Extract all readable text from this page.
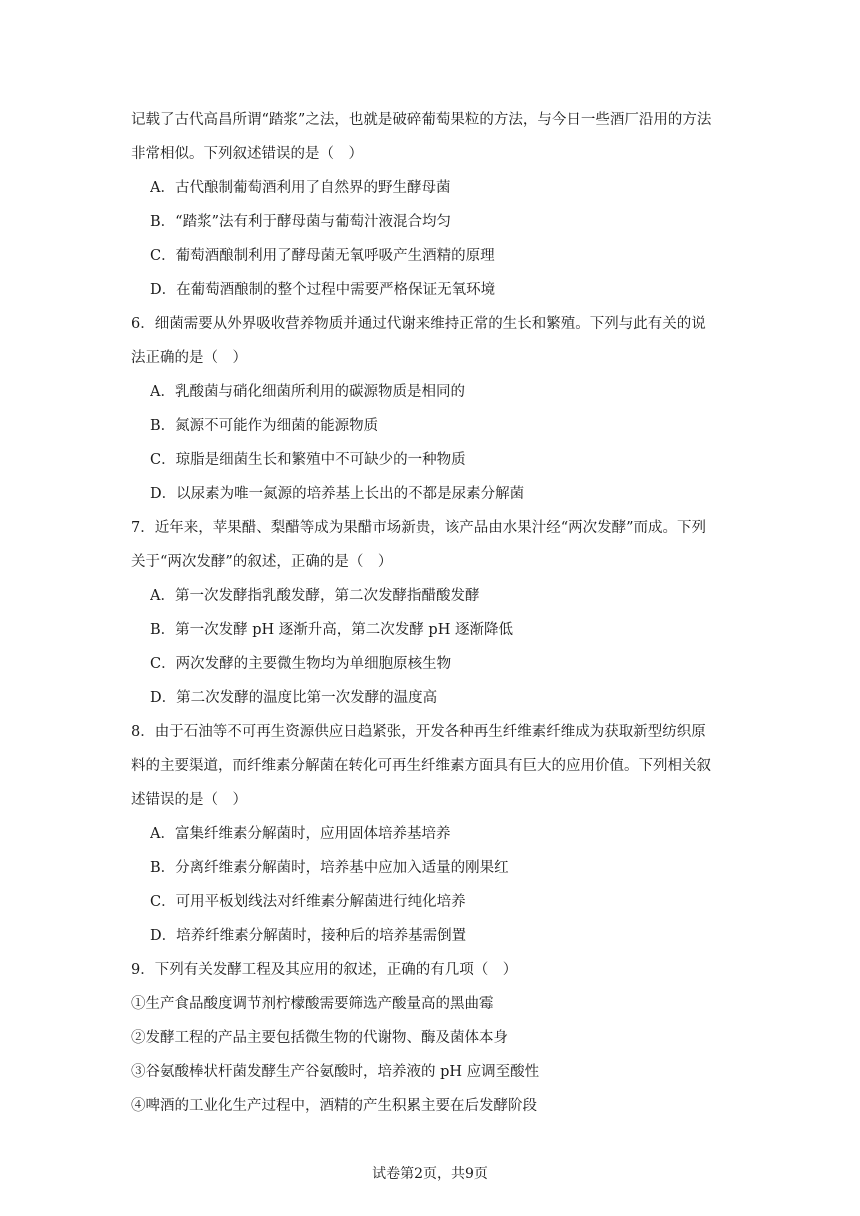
记载了古代高昌所谓“踏浆”之法，也就是破碎葡萄果粒的方法，与今日一些酒厂沿用的方法
非常相似。下列叙述错误的是（　）
A．古代酿制葡萄酒利用了自然界的野生酵母菌
B．“踏浆”法有利于酵母菌与葡萄汁液混合均匀
C．葡萄酒酿制利用了酵母菌无氧呼吸产生酒精的原理
D．在葡萄酒酿制的整个过程中需要严格保证无氧环境
6．细菌需要从外界吸收营养物质并通过代谢来维持正常的生长和繁殖。下列与此有关的说
法正确的是（　）
A．乳酸菌与硝化细菌所利用的碳源物质是相同的
B．氮源不可能作为细菌的能源物质
C．琼脂是细菌生长和繁殖中不可缺少的一种物质
D．以尿素为唯一氮源的培养基上长出的不都是尿素分解菌
7．近年来，苹果醋、梨醋等成为果醋市场新贵，该产品由水果汁经“两次发酵”而成。下列
关于“两次发酵”的叙述，正确的是（　）
A．第一次发酵指乳酸发酵，第二次发酵指醋酸发酵
B．第一次发酵 pH 逐渐升高，第二次发酵 pH 逐渐降低
C．两次发酵的主要微生物均为单细胞原核生物
D．第二次发酵的温度比第一次发酵的温度高
8．由于石油等不可再生资源供应日趋紧张，开发各种再生纤维素纤维成为获取新型纺织原
料的主要渠道，而纤维素分解菌在转化可再生纤维素方面具有巨大的应用价值。下列相关叙
述错误的是（　）
A．富集纤维素分解菌时，应用固体培养基培养
B．分离纤维素分解菌时，培养基中应加入适量的刚果红
C．可用平板划线法对纤维素分解菌进行纯化培养
D．培养纤维素分解菌时，接种后的培养基需倒置
9．下列有关发酵工程及其应用的叙述，正确的有几项（　）
①生产食品酸度调节剂柠檬酸需要筛选产酸量高的黑曲霉
②发酵工程的产品主要包括微生物的代谢物、酶及菌体本身
③谷氨酸棒状杆菌发酵生产谷氨酸时，培养液的 pH 应调至酸性
④啤酒的工业化生产过程中，酒精的产生积累主要在后发酵阶段
试卷第2页，共9页
